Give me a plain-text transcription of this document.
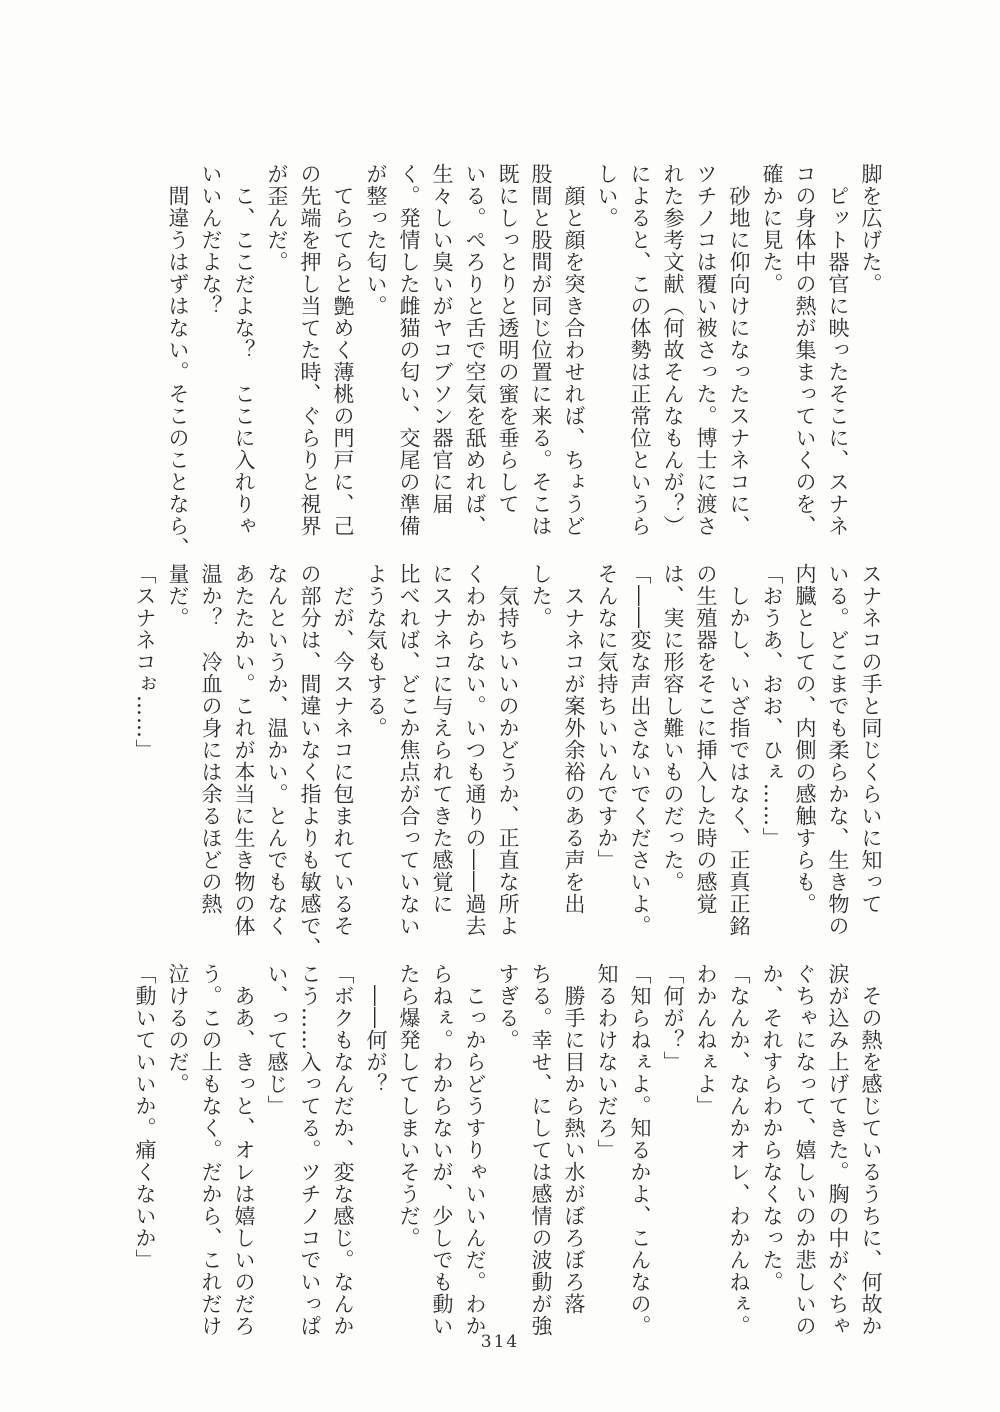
脚を広げた。

ピット器官に映ったそこに、スナネ

コの身体中の熱が集まっていくのを、

確かに見た。

砂地に仰向けになったスナネコに、

ツチノコは覆い被さった。博士に渡さ

れた参考文献（何故そんなもんが？）

によると、この体勢は正常位というら

しい。

顔と顔を突き合わせれば、ちょうど

股間と股間が同じ位置に来る。そこは

既にしっとりと透明の蜜を垂らして

いる。ぺろりと舌で空気を舐めれば、

生々しい臭いがヤコブソン器官に届

く。発情した雌猫の匂い、交尾の準備

が整った匂い。

てらてらと艶めく薄桃の門戸に、己

の先端を押し当てた時、ぐらりと視界

が歪んだ。

こ、ここだよな？　ここに入れりゃ

いいんだよな？

間違うはずはない。そこのことなら、

スナネコの手と同じくらいに知って

いる。どこまでも柔らかな、生き物の

内臓としての、内側の感触すらも。

「おうあ、おお、ひぇ……」

しかし、いざ指ではなく、正真正銘

の生殖器をそこに挿入した時の感覚

は、実に形容し難いものだった。

「――変な声出さないでくださいよ。

そんなに気持ちいいんですか」

スナネコが案外余裕のある声を出

した。

気持ちいいのかどうか、正直な所よ

くわからない。いつも通りの――過去

にスナネコに与えられてきた感覚に

比べれば、どこか焦点が合っていない

ような気もする。

だが、今スナネコに包まれているそ

の部分は、間違いなく指よりも敏感で、

なんというか、温かい。とんでもなく

あたたかい。これが本当に生き物の体

温か？　冷血の身には余るほどの熱

量だ。

「スナネコぉ……」

その熱を感じているうちに、何故か

涙が込み上げてきた。胸の中がぐちゃ

ぐちゃになって、嬉しいのか悲しいの

か、それすらわからなくなった。

「なんか、なんかオレ、わかんねぇ。

わかんねぇよ」

「何が？」

「知らねぇよ。知るかよ、こんなの。

知るわけないだろ」

勝手に目から熱い水がぼろぼろ落

ちる。幸せ、にしては感情の波動が強

すぎる。

こっからどうすりゃいいんだ。わか

らねぇ。わからないが、少しでも動い

たら爆発してしまいそうだ。

――何が？

「ボクもなんだか、変な感じ。なんか

こう……入ってる。ツチノコでいっぱ

い、って感じ」

ああ、きっと、オレは嬉しいのだろ

う。この上もなく。だから、これだけ

泣けるのだ。

「動いていいか。痛くないか」

314
